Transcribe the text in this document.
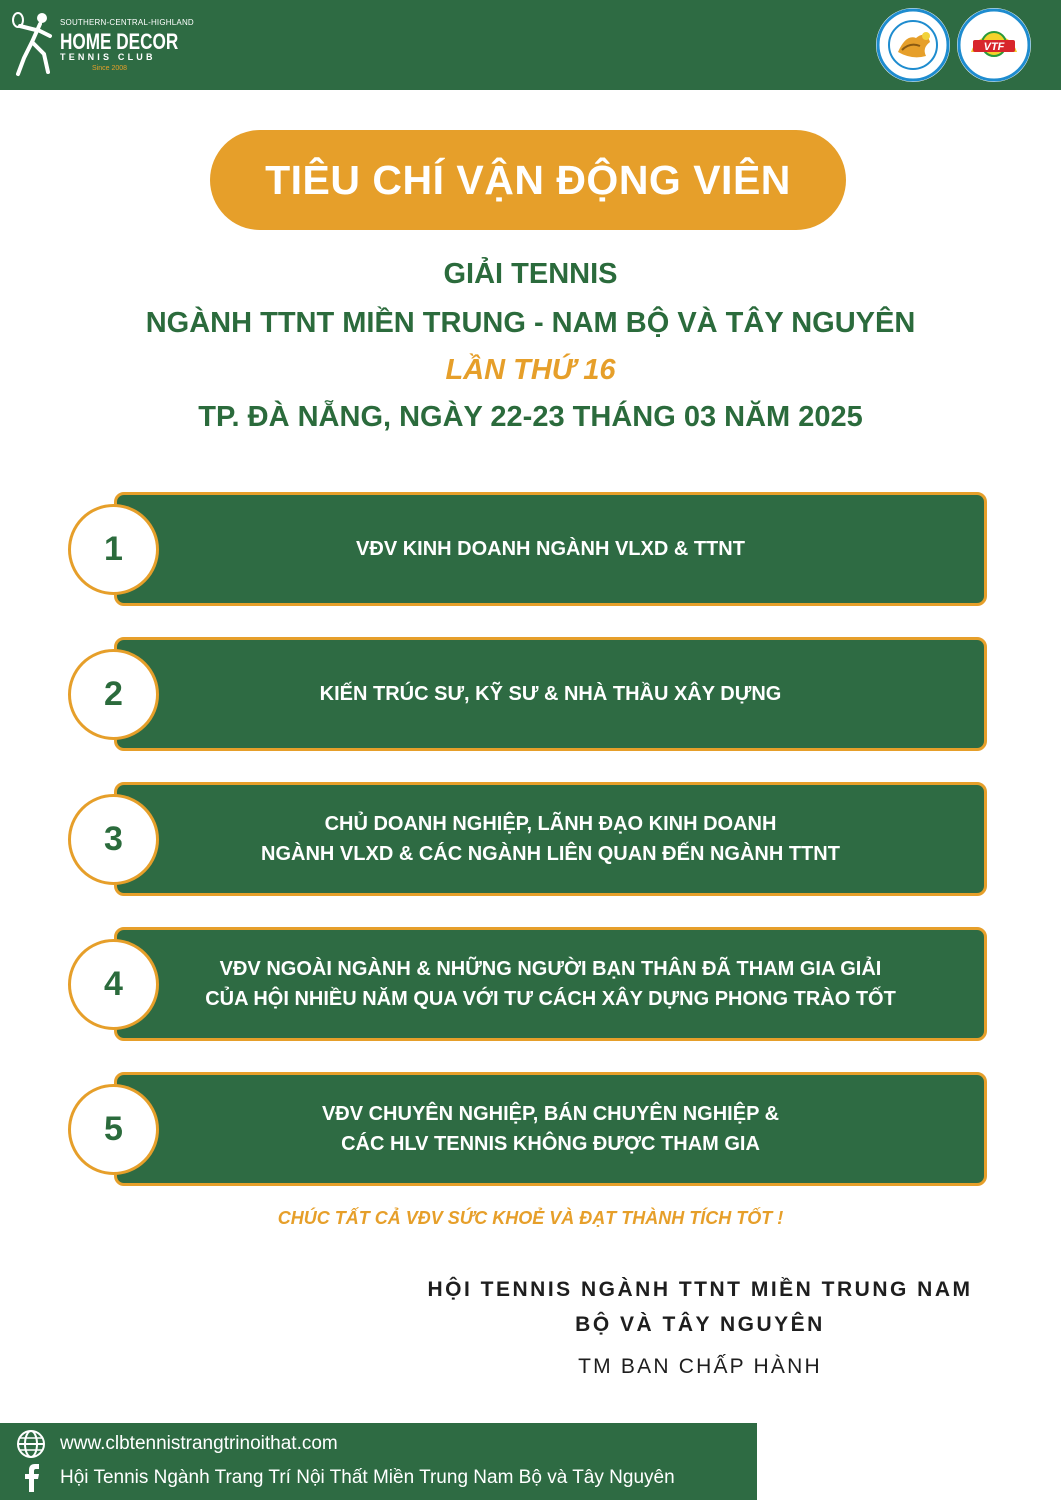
SOUTHERN-CENTRAL-HIGHLAND
HOME DECOR
TENNIS CLUB
Since 2008
VTF
TIÊU CHÍ VẬN ĐỘNG VIÊN
GIẢI TENNIS
NGÀNH TTNT MIỀN TRUNG - NAM BỘ VÀ TÂY NGUYÊN
LẦN THỨ 16
TP. ĐÀ NẴNG, NGÀY 22-23 THÁNG 03 NĂM 2025
VĐV KINH DOANH NGÀNH VLXD & TTNT
1
KIẾN TRÚC SƯ, KỸ SƯ & NHÀ THẦU XÂY DỰNG
2
CHỦ DOANH NGHIỆP, LÃNH ĐẠO KINH DOANH
NGÀNH VLXD & CÁC NGÀNH LIÊN QUAN ĐẾN NGÀNH TTNT
3
VĐV NGOÀI NGÀNH & NHỮNG NGƯỜI BẠN THÂN ĐÃ THAM GIA GIẢI
CỦA HỘI NHIỀU NĂM QUA VỚI TƯ CÁCH XÂY DỰNG PHONG TRÀO TỐT
4
VĐV CHUYÊN NGHIỆP, BÁN CHUYÊN NGHIỆP &
CÁC HLV TENNIS KHÔNG ĐƯỢC THAM GIA
5
CHÚC TẤT CẢ VĐV SỨC KHOẺ VÀ ĐẠT THÀNH TÍCH TỐT !
HỘI TENNIS NGÀNH TTNT MIỀN TRUNG NAM
BỘ VÀ TÂY NGUYÊN
TM BAN CHẤP HÀNH
www.clbtennistrangtrinoithat.com
Hội Tennis Ngành Trang Trí Nội Thất Miền Trung Nam Bộ và Tây Nguyên
